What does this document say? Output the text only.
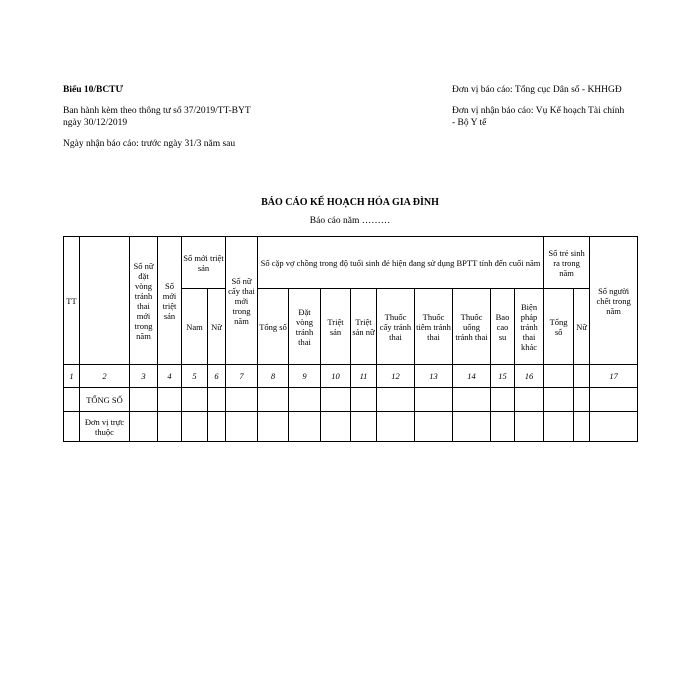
Biểu 10/BCTƯ

Ban hành kèm theo thông tư số 37/2019/TT-BYT ngày 30/12/2019

Ngày nhận báo cáo: trước ngày 31/3 năm sau

Đơn vị báo cáo: Tổng cục Dân số - KHHGĐ

Đơn vị nhận báo cáo: Vụ Kế hoạch Tài chính - Bộ Y tế

BÁO CÁO KẾ HOẠCH HÓA GIA ĐÌNH

Báo cáo năm ………

TT		Số nữ đặt vòng tránh thai mới trong năm	Số mới triệt sản	Số mới triệt sản		Số nữ cấy thai mới trong năm	Số cặp vợ chồng trong độ tuổi sinh đẻ hiện đang sử dụng BPTT tính đến cuối năm									Số trẻ sinh ra trong năm		Số người chết trong năm
				Nam	Nữ		Tổng số	Đặt vòng tránh thai	Triệt sản	Triệt sản nữ	Thuốc cấy tránh thai	Thuốc tiêm tránh thai	Thuốc uống tránh thai	Bao cao su	Biện pháp tránh thai khác	Tổng số	Nữ	
1	2	3	4	5	6	7	8	9	10	11	12	13	14	15	16			17
	TỔNG SỐ																	
	Đơn vị trực thuộc																	
